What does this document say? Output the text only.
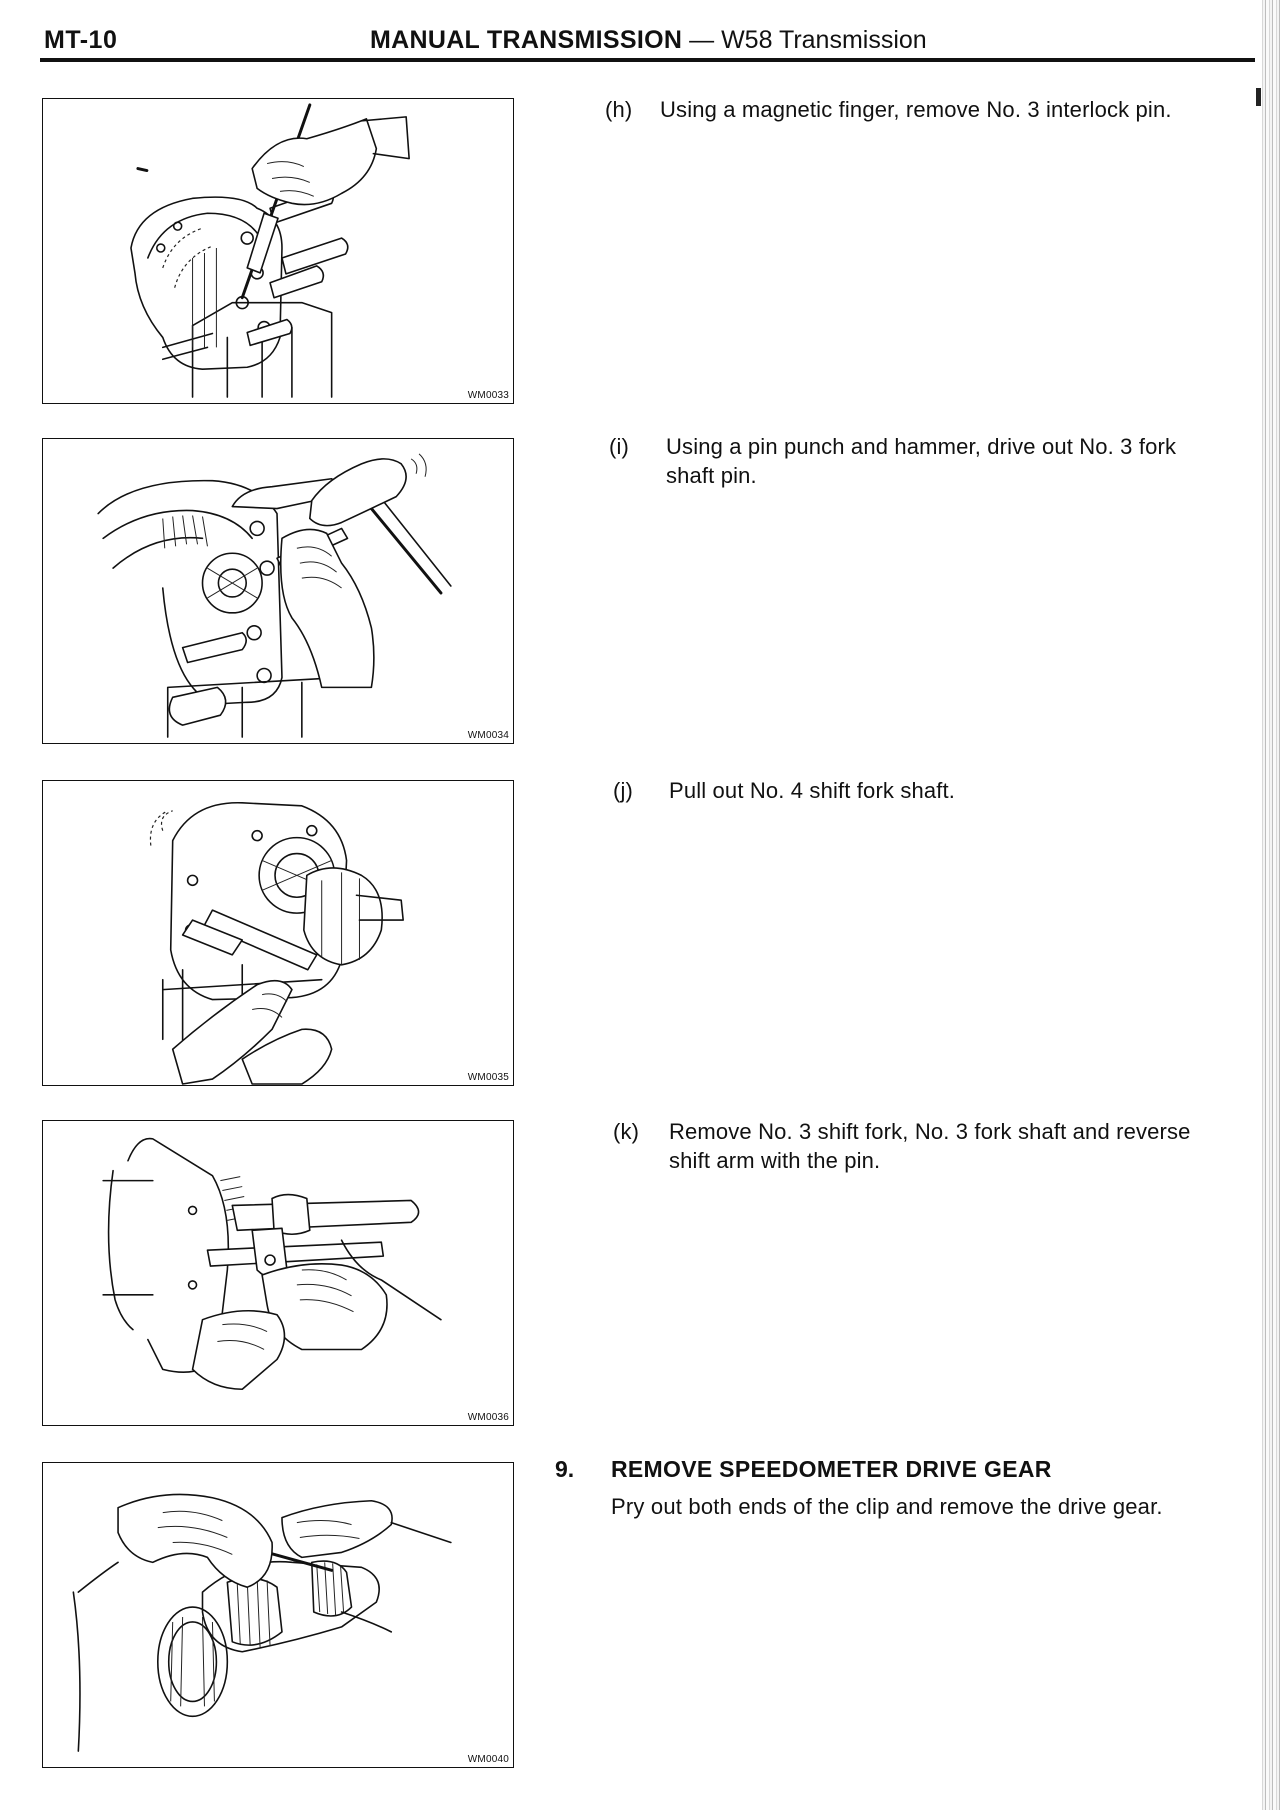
MT-10	MANUAL TRANSMISSION — W58 Transmission
WM0033
WM0034
WM0035
WM0036
WM0040
(h) Using a magnetic finger, remove No. 3 interlock pin.
(i) Using a pin punch and hammer, drive out No. 3 fork
shaft pin.
(j) Pull out No. 4 shift fork shaft.
(k) Remove No. 3 shift fork, No. 3 fork shaft and reverse
shift arm with the pin.
9. REMOVE SPEEDOMETER DRIVE GEAR
Pry out both ends of the clip and remove the drive gear.
